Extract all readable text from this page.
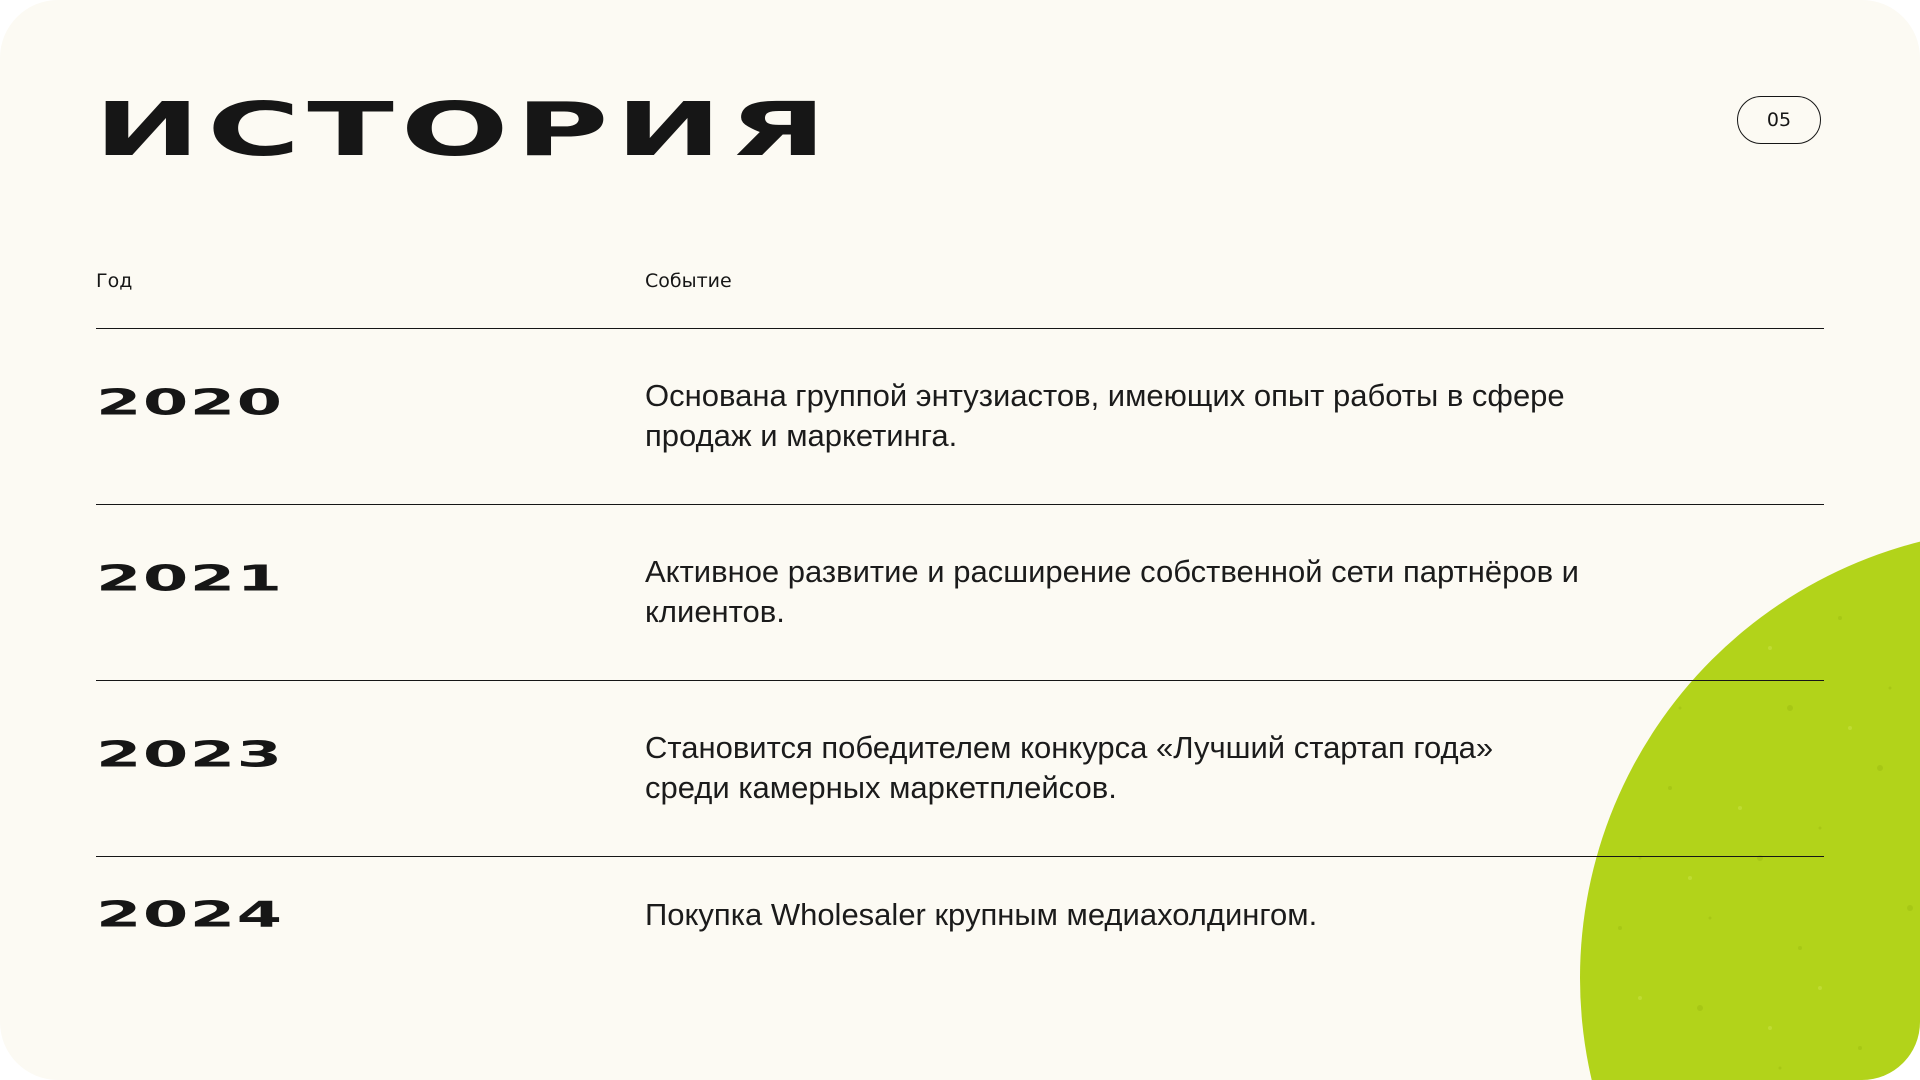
ИСТОРИЯ	05
Год	Событие
2020	Основана группой энтузиастов, имеющих опыт работы в сфере продаж и маркетинга.
2021	Активное развитие и расширение собственной сети партнёров и клиентов.
2023	Становится победителем конкурса «Лучший стартап года» среди камерных маркетплейсов.
2024	Покупка Wholesaler крупным медиахолдингом.
